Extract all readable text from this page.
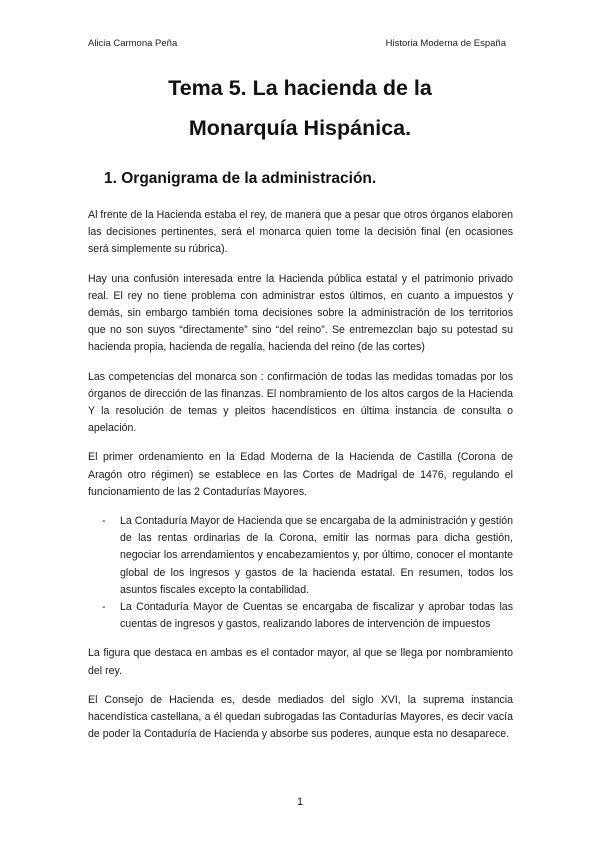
Alicia Carmona Peña	Historia Moderna de España
Tema 5. La hacienda de la
Monarquía Hispánica.
1. Organigrama de la administración.

Al frente de la Hacienda estaba el rey, de manera que a pesar que otros órganos elaboren las decisiones pertinentes, será el monarca quien tome la decisión final (en ocasiones será simplemente su rúbrica).

Hay una confusión interesada entre la Hacienda pública estatal y el patrimonio privado real. El rey no tiene problema con administrar estos últimos, en cuanto a impuestos y demás, sin embargo también toma decisiones sobre la administración de los territorios que no son suyos “directamente” sino “del reino”. Se entremezclan bajo su potestad su hacienda propia, hacienda de regalía, hacienda del reino (de las cortes)

Las competencias del monarca son : confirmación de todas las medidas tomadas por los órganos de dirección de las finanzas. El nombramiento de los altos cargos de la Hacienda Y la resolución de temas y pleitos hacendísticos en última instancia de consulta o apelación.

El primer ordenamiento en la Edad Moderna de la Hacienda de Castilla (Corona de Aragón otro régimen) se establece en las Cortes de Madrigal de 1476, regulando el funcionamiento de las 2 Contadurías Mayores.

- La Contaduría Mayor de Hacienda que se encargaba de la administración y gestión de las rentas ordinarias de la Corona, emitir las normas para dicha gestión, negociar los arrendamientos y encabezamientos y, por último, conocer el montante global de los ingresos y gastos de la hacienda estatal. En resumen, todos los asuntos fiscales excepto la contabilidad.
- La Contaduría Mayor de Cuentas se encargaba de fiscalizar y aprobar todas las cuentas de ingresos y gastos, realizando labores de intervención de impuestos

La figura que destaca en ambas es el contador mayor, al que se llega por nombramiento del rey.

El Consejo de Hacienda es, desde mediados del siglo XVI, la suprema instancia hacendística castellana, a él quedan subrogadas las Contadurías Mayores, es decir vacía de poder la Contaduría de Hacienda y absorbe sus poderes, aunque esta no desaparece.

1
